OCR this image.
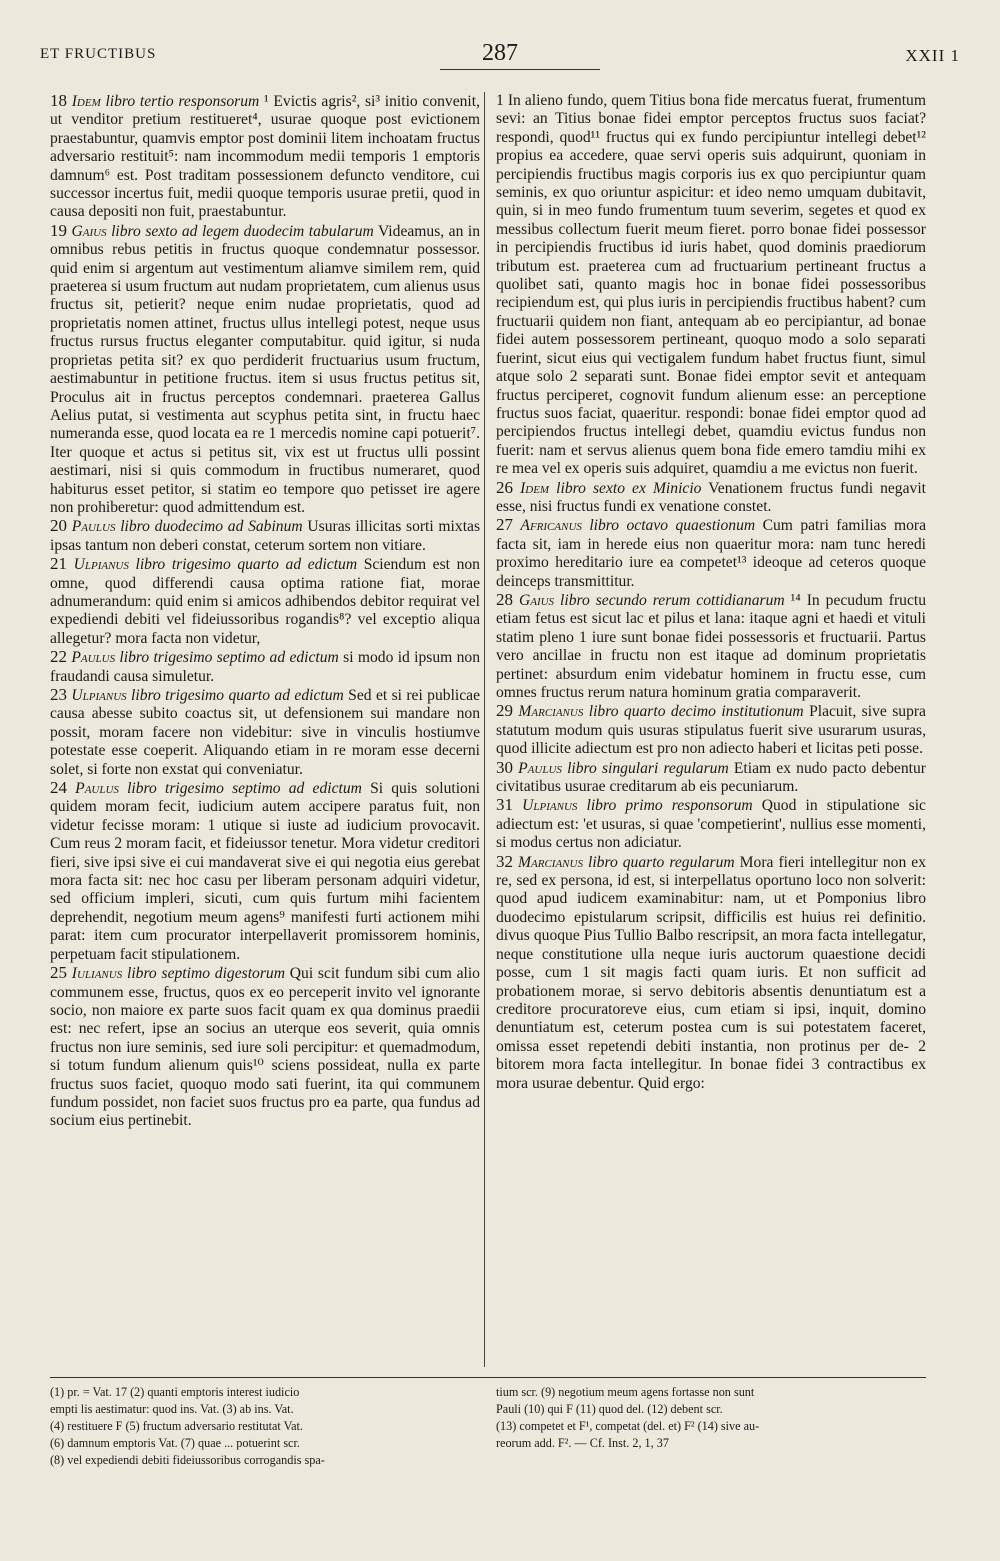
ET FRUCTIBUS	287	XXII 1

18 Idem libro tertio responsorum ¹ Evictis agris², si³ initio convenit, ut venditor pretium restitueret⁴, usurae quoque post evictionem praestabuntur, quamvis emptor post dominii litem inchoatam fructus adversario restituit⁵: nam incommodum medii temporis 1 emptoris damnum⁶ est. Post traditam possessionem defuncto venditore, cui successor incertus fuit, medii quoque temporis usurae pretii, quod in causa depositi non fuit, praestabuntur.

19 Gaius libro sexto ad legem duodecim tabularum Videamus, an in omnibus rebus petitis in fructus quoque condemnatur possessor. quid enim si argentum aut vestimentum aliamve similem rem, quid praeterea si usum fructum aut nudam proprietatem, cum alienus usus fructus sit, petierit? neque enim nudae proprietatis, quod ad proprietatis nomen attinet, fructus ullus intellegi potest, neque usus fructus rursus fructus eleganter computabitur. quid igitur, si nuda proprietas petita sit? ex quo perdiderit fructuarius usum fructum, aestimabuntur in petitione fructus. item si usus fructus petitus sit, Proculus ait in fructus perceptos condemnari. praeterea Gallus Aelius putat, si vestimenta aut scyphus petita sint, in fructu haec numeranda esse, quod locata ea re 1 mercedis nomine capi potuerit⁷. Iter quoque et actus si petitus sit, vix est ut fructus ulli possint aestimari, nisi si quis commodum in fructibus numeraret, quod habiturus esset petitor, si statim eo tempore quo petisset ire agere non prohiberetur: quod admittendum est.

20 Paulus libro duodecimo ad Sabinum Usuras illicitas sorti mixtas ipsas tantum non deberi constat, ceterum sortem non vitiare.

21 Ulpianus libro trigesimo quarto ad edictum Sciendum est non omne, quod differendi causa optima ratione fiat, morae adnumerandum: quid enim si amicos adhibendos debitor requirat vel expediendi debiti vel fideiussoribus rogandis⁸? vel exceptio aliqua allegetur? mora facta non videtur,

22 Paulus libro trigesimo septimo ad edictum si modo id ipsum non fraudandi causa simuletur.

23 Ulpianus libro trigesimo quarto ad edictum Sed et si rei publicae causa abesse subito coactus sit, ut defensionem sui mandare non possit, moram facere non videbitur: sive in vinculis hostiumve potestate esse coeperit. Aliquando etiam in re moram esse decerni solet, si forte non exstat qui conveniatur.

24 Paulus libro trigesimo septimo ad edictum Si quis solutioni quidem moram fecit, iudicium autem accipere paratus fuit, non videtur fecisse moram: 1 utique si iuste ad iudicium provocavit. Cum reus 2 moram facit, et fideiussor tenetur. Mora videtur creditori fieri, sive ipsi sive ei cui mandaverat sive ei qui negotia eius gerebat mora facta sit: nec hoc casu per liberam personam adquiri videtur, sed officium impleri, sicuti, cum quis furtum mihi facientem deprehendit, negotium meum agens⁹ manifesti furti actionem mihi parat: item cum procurator interpellaverit promissorem hominis, perpetuam facit stipulationem.

25 Iulianus libro septimo digestorum Qui scit fundum sibi cum alio communem esse, fructus, quos ex eo perceperit invito vel ignorante socio, non maiore ex parte suos facit quam ex qua dominus praedii est: nec refert, ipse an socius an uterque eos severit, quia omnis fructus non iure seminis, sed iure soli percipitur: et quemadmodum, si totum fundum alienum quis¹⁰ sciens possideat, nulla ex parte fructus suos faciet, quoquo modo sati fuerint, ita qui communem fundum possidet, non faciet suos fructus pro ea parte, qua fundus ad socium eius pertinebit.

1 In alieno fundo, quem Titius bona fide mercatus fuerat, frumentum sevi: an Titius bonae fidei emptor perceptos fructus suos faciat? respondi, quod¹¹ fructus qui ex fundo percipiuntur intellegi debet¹² propius ea accedere, quae servi operis suis adquirunt, quoniam in percipiendis fructibus magis corporis ius ex quo percipiuntur quam seminis, ex quo oriuntur aspicitur: et ideo nemo umquam dubitavit, quin, si in meo fundo frumentum tuum severim, segetes et quod ex messibus collectum fuerit meum fieret. porro bonae fidei possessor in percipiendis fructibus id iuris habet, quod dominis praediorum tributum est. praeterea cum ad fructuarium pertineant fructus a quolibet sati, quanto magis hoc in bonae fidei possessoribus recipiendum est, qui plus iuris in percipiendis fructibus habent? cum fructuarii quidem non fiant, antequam ab eo percipiantur, ad bonae fidei autem possessorem pertineant, quoquo modo a solo separati fuerint, sicut eius qui vectigalem fundum habet fructus fiunt, simul atque solo 2 separati sunt. Bonae fidei emptor sevit et antequam fructus perciperet, cognovit fundum alienum esse: an perceptione fructus suos faciat, quaeritur. respondi: bonae fidei emptor quod ad percipiendos fructus intellegi debet, quamdiu evictus fundus non fuerit: nam et servus alienus quem bona fide emero tamdiu mihi ex re mea vel ex operis suis adquiret, quamdiu a me evictus non fuerit.

26 Idem libro sexto ex Minicio Venationem fructus fundi negavit esse, nisi fructus fundi ex venatione constet.

27 Africanus libro octavo quaestionum Cum patri familias mora facta sit, iam in herede eius non quaeritur mora: nam tunc heredi proximo hereditario iure ea competet¹³ ideoque ad ceteros quoque deinceps transmittitur.

28 Gaius libro secundo rerum cottidianarum ¹⁴ In pecudum fructu etiam fetus est sicut lac et pilus et lana: itaque agni et haedi et vituli statim pleno 1 iure sunt bonae fidei possessoris et fructuarii. Partus vero ancillae in fructu non est itaque ad dominum proprietatis pertinet: absurdum enim videbatur hominem in fructu esse, cum omnes fructus rerum natura hominum gratia comparaverit.

29 Marcianus libro quarto decimo institutionum Placuit, sive supra statutum modum quis usuras stipulatus fuerit sive usurarum usuras, quod illicite adiectum est pro non adiecto haberi et licitas peti posse.

30 Paulus libro singulari regularum Etiam ex nudo pacto debentur civitatibus usurae creditarum ab eis pecuniarum.

31 Ulpianus libro primo responsorum Quod in stipulatione sic adiectum est: 'et usuras, si quae 'competierint', nullius esse momenti, si modus certus non adiciatur.

32 Marcianus libro quarto regularum Mora fieri intellegitur non ex re, sed ex persona, id est, si interpellatus oportuno loco non solverit: quod apud iudicem examinabitur: nam, ut et Pomponius libro duodecimo epistularum scripsit, difficilis est huius rei definitio. divus quoque Pius Tullio Balbo rescripsit, an mora facta intellegatur, neque constitutione ulla neque iuris auctorum quaestione decidi posse, cum 1 sit magis facti quam iuris. Et non sufficit ad probationem morae, si servo debitoris absentis denuntiatum est a creditore procuratoreve eius, cum etiam si ipsi, inquit, domino denuntiatum est, ceterum postea cum is sui potestatem faceret, omissa esset repetendi debiti instantia, non protinus per de- 2 bitorem mora facta intellegitur. In bonae fidei 3 contractibus ex mora usurae debentur. Quid ergo:

(1) pr. = Vat. 17 (2) quanti emptoris interest iudicio
empti lis aestimatur: quod ins. Vat. (3) ab ins. Vat.
(4) restituere F (5) fructum adversario restitutat Vat.
(6) damnum emptoris Vat. (7) quae ... potuerint scr.
(8) vel expediendi debiti fideiussoribus corrogandis spa-
tium scr. (9) negotium meum agens fortasse non sunt
Pauli (10) qui F (11) quod del. (12) debent scr.
(13) competet et F¹, competat (del. et) F² (14) sive au-
reorum add. F². — Cf. Inst. 2, 1, 37
